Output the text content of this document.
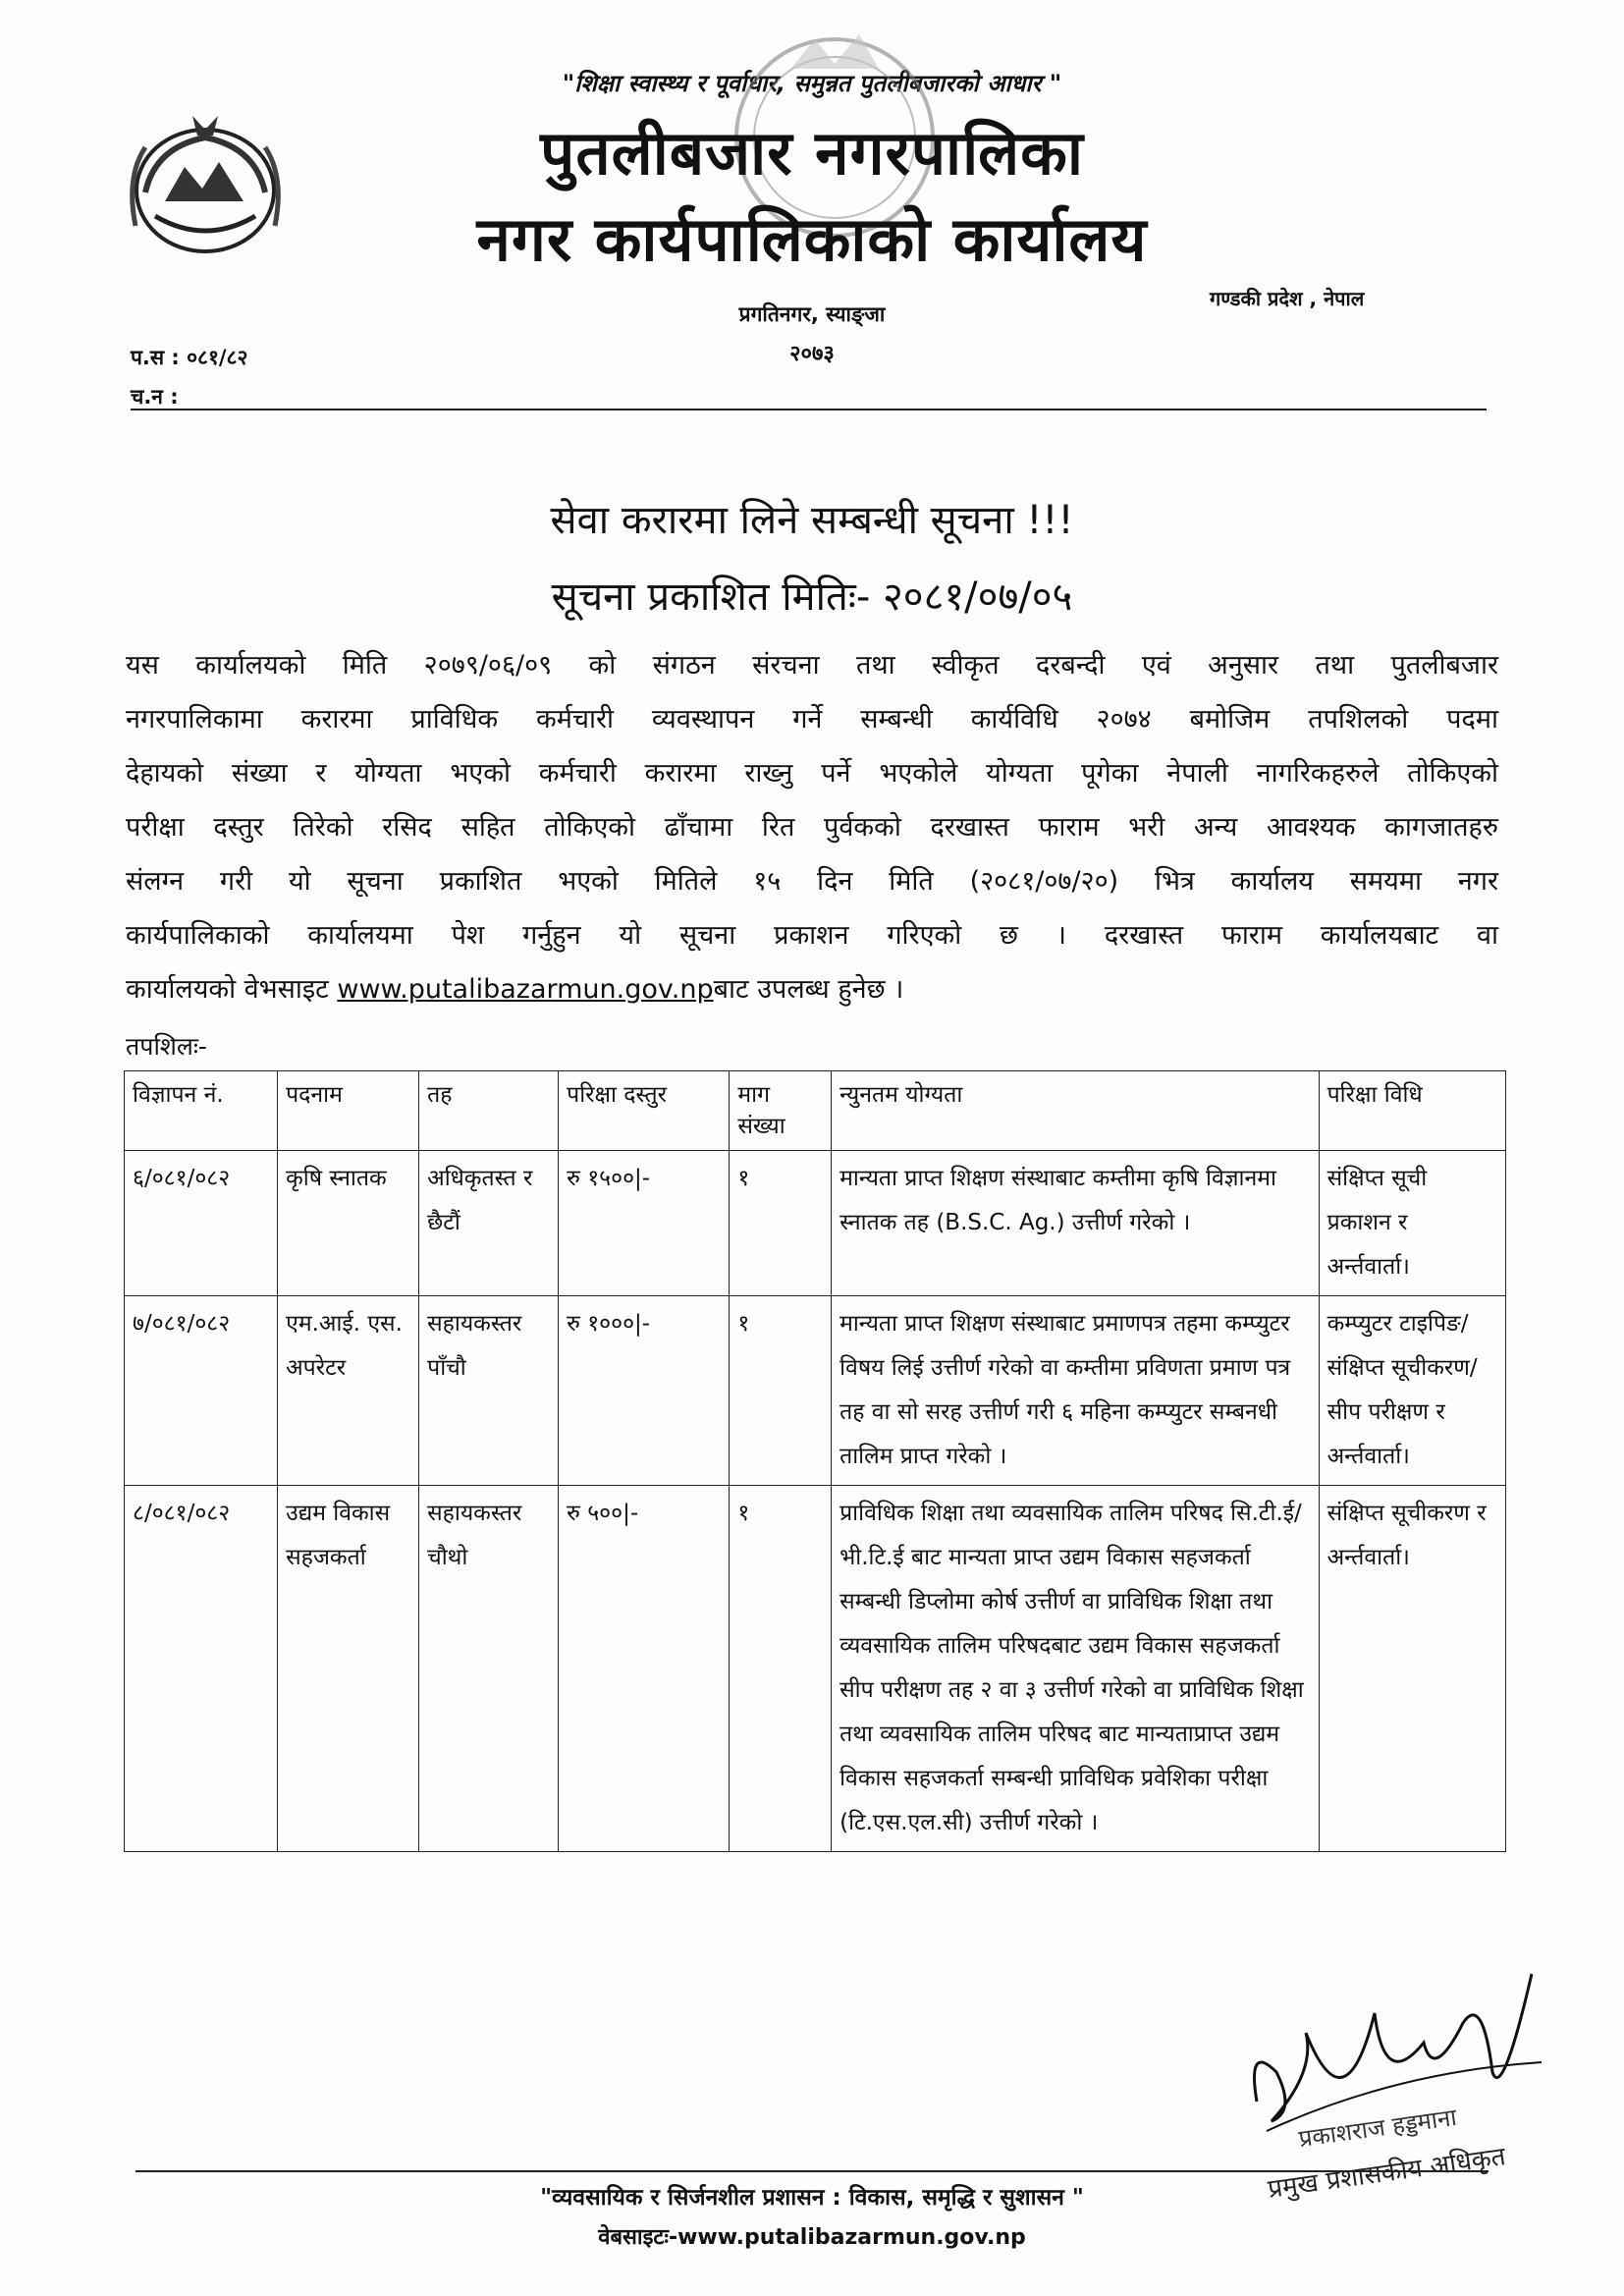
"शिक्षा स्वास्थ्य र पूर्वाधार, समुन्नत पुतलीबजारको आधार "
पुतलीबजार नगरपालिका
नगर कार्यपालिकाको कार्यालय
गण्डकी प्रदेश , नेपाल
प्रगतिनगर, स्याङ्जा
२०७३
प.स : ०८१/८२
च.न :
सेवा करारमा लिने सम्बन्धी सूचना !!!
सूचना प्रकाशित मितिः- २०८१/०७/०५
यस कार्यालयको मिति २०७९/०६/०९ को संगठन संरचना तथा स्वीकृत दरबन्दी एवं अनुसार तथा पुतलीबजार
नगरपालिकामा करारमा प्राविधिक कर्मचारी व्यवस्थापन गर्ने सम्बन्धी कार्यविधि २०७४ बमोजिम तपशिलको पदमा
देहायको संख्या र योग्यता भएको कर्मचारी करारमा राख्नु पर्ने भएकोले योग्यता पूगेका नेपाली नागरिकहरुले तोकिएको
परीक्षा दस्तुर तिरेको रसिद सहित तोकिएको ढाँचामा रित पुर्वकको दरखास्त फाराम भरी अन्य आवश्यक कागजातहरु
संलग्न गरी यो सूचना प्रकाशित भएको मितिले १५ दिन मिति (२०८१/०७/२०) भित्र कार्यालय समयमा नगर
कार्यपालिकाको कार्यालयमा पेश गर्नुहुन यो सूचना प्रकाशन गरिएको छ । दरखास्त फाराम कार्यालयबाट वा
कार्यालयको वेभसाइट www.putalibazarmun.gov.npबाट उपलब्ध हुनेछ ।
तपशिलः-
विज्ञापन नं.	पदनाम	तह	परिक्षा दस्तुर	माग संख्या	न्युनतम योग्यता	परिक्षा विधि
६/०८१/०८२	कृषि स्नातक	अधिकृतस्त र छैटौं	रु १५००|-	१	मान्यता प्राप्त शिक्षण संस्थाबाट कम्तीमा कृषि विज्ञानमा स्नातक तह (B.S.C. Ag.) उत्तीर्ण गरेको ।	संक्षिप्त सूची प्रकाशन र अर्न्तवार्ता।
७/०८१/०८२	एम.आई. एस. अपरेटर	सहायकस्तर पाँचौ	रु १०००|-	१	मान्यता प्राप्त शिक्षण संस्थाबाट प्रमाणपत्र तहमा कम्प्युटर विषय लिई उत्तीर्ण गरेको वा कम्तीमा प्रविणता प्रमाण पत्र तह वा सो सरह उत्तीर्ण गरी ६ महिना कम्प्युटर सम्बनधी तालिम प्राप्त गरेको ।	कम्प्युटर टाइपिङ/ संक्षिप्त सूचीकरण/ सीप परीक्षण र अर्न्तवार्ता।
८/०८१/०८२	उद्यम विकास सहजकर्ता	सहायकस्तर चौथो	रु ५००|-	१	प्राविधिक शिक्षा तथा व्यवसायिक तालिम परिषद सि.टी.ई/भी.टि.ई बाट मान्यता प्राप्त उद्यम विकास सहजकर्ता सम्बन्धी डिप्लोमा कोर्ष उत्तीर्ण वा प्राविधिक शिक्षा तथा व्यवसायिक तालिम परिषदबाट उद्यम विकास सहजकर्ता सीप परीक्षण तह २ वा ३ उत्तीर्ण गरेको वा प्राविधिक शिक्षा तथा व्यवसायिक तालिम परिषद बाट मान्यताप्राप्त उद्यम विकास सहजकर्ता सम्बन्धी प्राविधिक प्रवेशिका परीक्षा (टि.एस.एल.सी) उत्तीर्ण गरेको ।	संक्षिप्त सूचीकरण र अर्न्तवार्ता।
प्रकाशराज हड्डमाना
प्रमुख प्रशासकीय अधिकृत
"व्यवसायिक र सिर्जनशील प्रशासन : विकास, समृद्धि र सुशासन "
वेबसाइटः-www.putalibazarmun.gov.np
